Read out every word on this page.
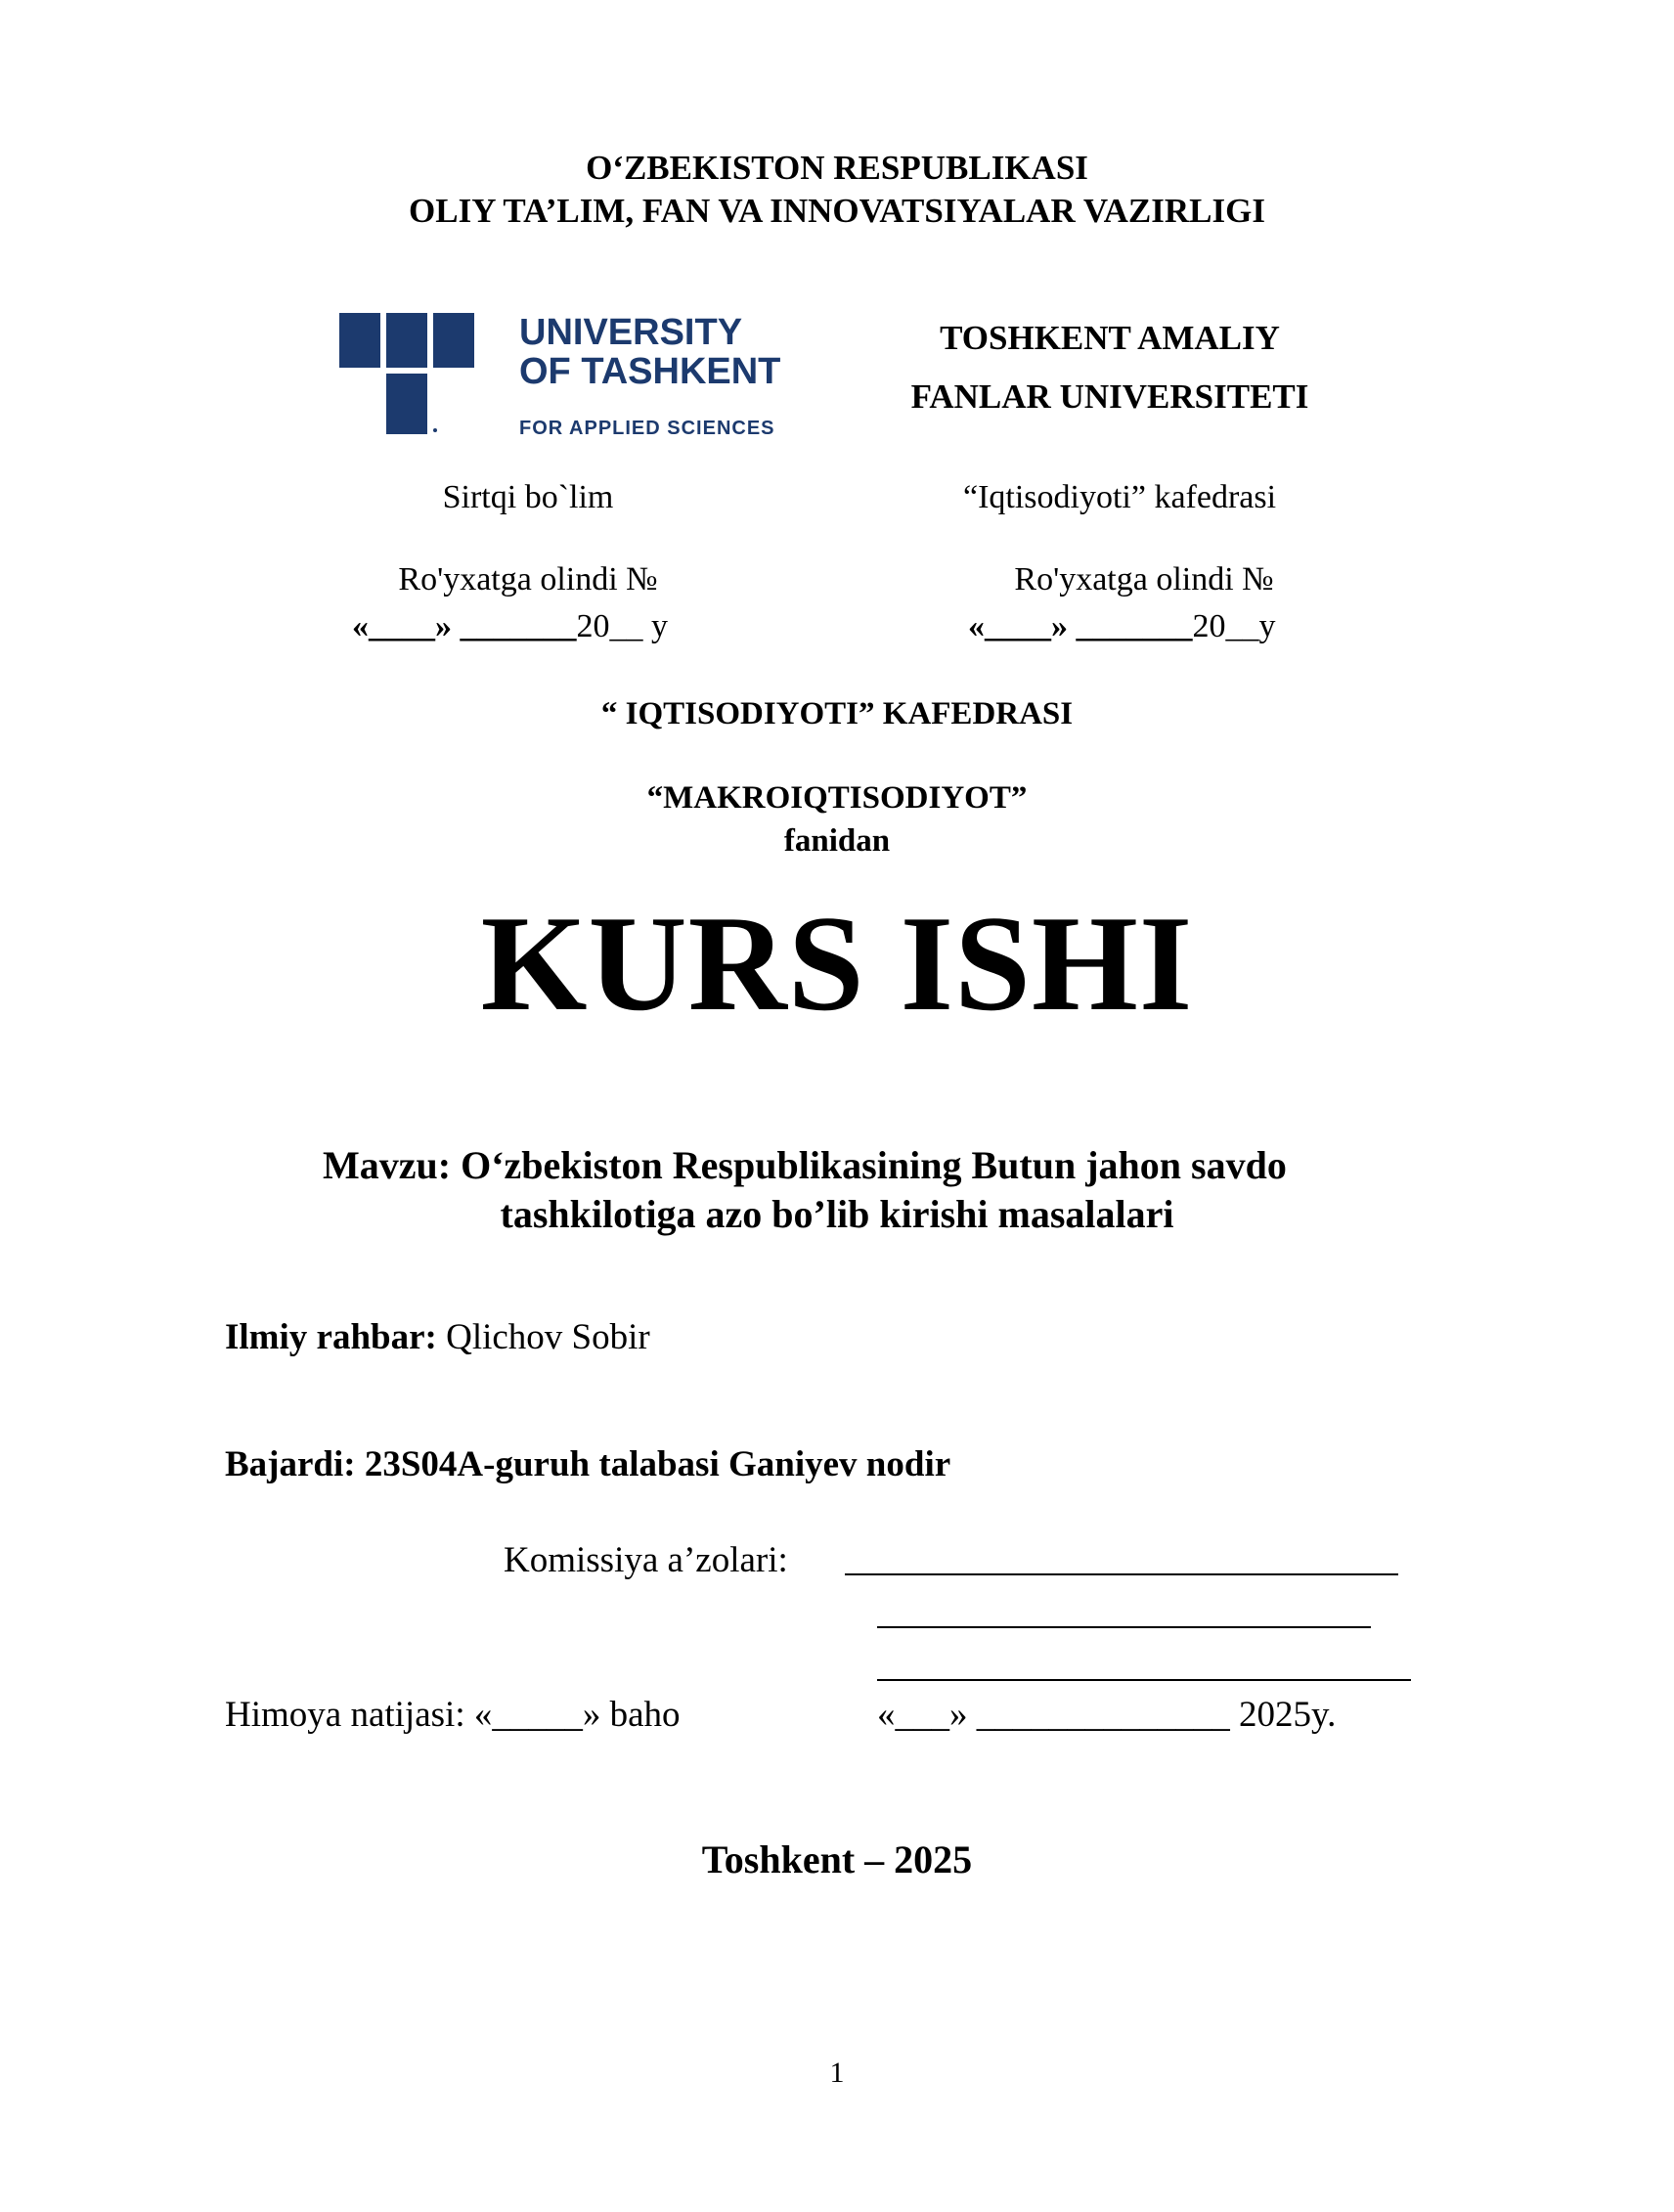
O‘ZBEKISTON RESPUBLIKASI
OLIY TA’LIM, FAN VA INNOVATSIYALAR VAZIRLIGI
UNIVERSITY
OF TASHKENT
FOR APPLIED SCIENCES
TOSHKENT AMALIY
FANLAR UNIVERSITETI
Sirtqi bo`lim	“Iqtisodiyoti” kafedrasi
Ro'yxatga olindi №	Ro'yxatga olindi №
«____» _______20__ y	«____» _______20__y
“ IQTISODIYOTI” KAFEDRASI
“MAKROIQTISODIYOT”
fanidan
KURS ISHI
Mavzu: O‘zbekiston Respublikasining Butun jahon savdo
tashkilotiga azo bo’lib kirishi masalalari
Ilmiy rahbar: Qlichov Sobir
Bajardi: 23S04A-guruh talabasi Ganiyev nodir
Komissiya a’zolari:
Himoya natijasi: «_____» baho	«___» ______________ 2025y.
Toshkent – 2025
1
